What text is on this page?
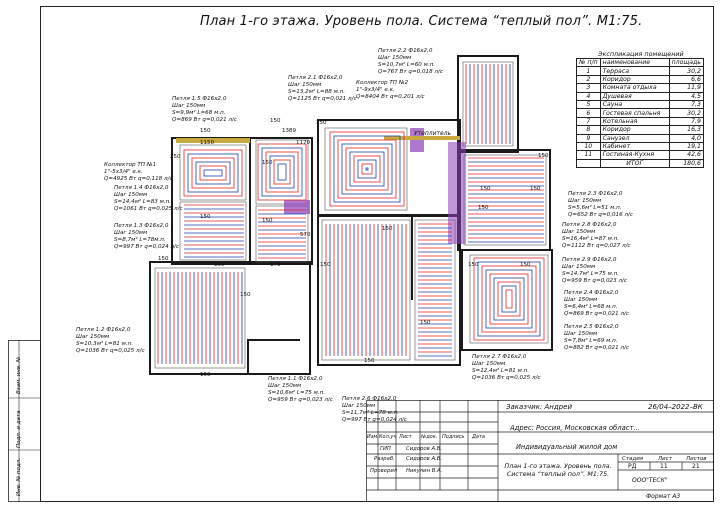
План 1-го этажа. Уровень пола. Система “теплый пол”. М1:75.
Взам. инв. №
Подп. и дата
Инв. № подл.
Петля 2.2 Ф16х2,0
Шаг 150мм
S=10,7м² L=60 м.п.
Q=767 Вт q=0,018 л/с
Петля 2.1 Ф16х2,0
Шаг 150мм
S=13,2м² L=88 м.п.
Q=1125 Вт q=0,021 л/с
Коллектор ТП №2
1"-9х3/4" е.к.
Q=8404 Вт q=0,201 л/с
Петля 1.5 Ф16х2,0
Шаг 150мм
S=9,9м² L=68 м.п.
Q=869 Вт q=0,021 л/с
Коллектор ТП №1
1"-5х3/4" е.к.
Q=4925 Вт q=0,118 л/с
Петля 1.4 Ф16х2,0
Шаг 150мм
S=14,4м² L=83 м.п.
Q=1061 Вт q=0,025 л/с
Петля 1.3 Ф16х2,0
Шаг 150мм
S=8,7м² L=78м.п.
Q=997 Вт q=0,024 л/с
Петля 1.2 Ф16х2,0
Шаг 150мм
S=10,3м² L=81 м.п.
Q=1036 Вт q=0,025 л/с
Петля 1.1 Ф16х2,0
Шаг 150мм
S=10,6м² L=75 м.п.
Q=959 Вт q=0,023 л/с Петля 2.6 Ф16х2,0
Шаг 150мм
S=11,7м² L=78 м.п.
Q=997 Вт q=0,024 л/с
Петля 2.7 Ф16х2,0
Шаг 150мм
S=12,4м² L=81 м.п.
Q=1036 Вт q=0,025 л/с
Петля 2.3 Ф16х2,0
Шаг 150мм
S=5,6м² L=51 м.п.
Q=652 Вт q=0,016 л/с
Петля 2.8 Ф16х2,0
Шаг 150мм
S=16,4м² L=87 м.п.
Q=1112 Вт q=0,027 л/с
Петля 2.9 Ф16х2,0
Шаг 150мм
S=14,7м² L=75 м.п.
Q=959 Вт q=0,023 л/с
Петля 2.4 Ф16х2,0
Шаг 150мм
S=6,4м² L=68 м.п.
Q=869 Вт q=0,021 л/с
Петля 2.5 Ф16х2,0
Шаг 150мм
S=7,8м² L=69 м.п.
Q=882 Вт q=0,021 л/с
Утеплитель
150
150
1389
150
250
150
150
150
150
150	173
150
150
150	150
150
150
150
150
150	150
150
150
1170
1150
570
Экспликация помещений
№ п/п	наименование	площадь
1	Терраса	30,2
2	Коридор	6,6
3	Комната отдыха	11,9
4	Душевая	4,5
5	Сауна	7,3
6	Гостевая спальня	30,2
7	Котельная	7,9
8	Коридор	16,3
9	Санузел	4,0
10	Кабинет	19,1
11	Гостиная-Кухня	42,6
	ИТОГ	180,6
Заказчик: Андрей	26/04–2022–ВК
Адрес: Россия, Московская област...
Индивидуальный жилой дом
План 1-го этажа. Уровень пола. Система “теплый пол”. М1:75.
Изм. Кол.уч Лист №док. Подпись Дата
ГИП	Сидоров А.В.
Разраб. Сидоров А.В.
Проверил Никулин В.А.
Стадия	Лист	Листов
РД	11	21
ООО"ТЕСК"
Формат А3
